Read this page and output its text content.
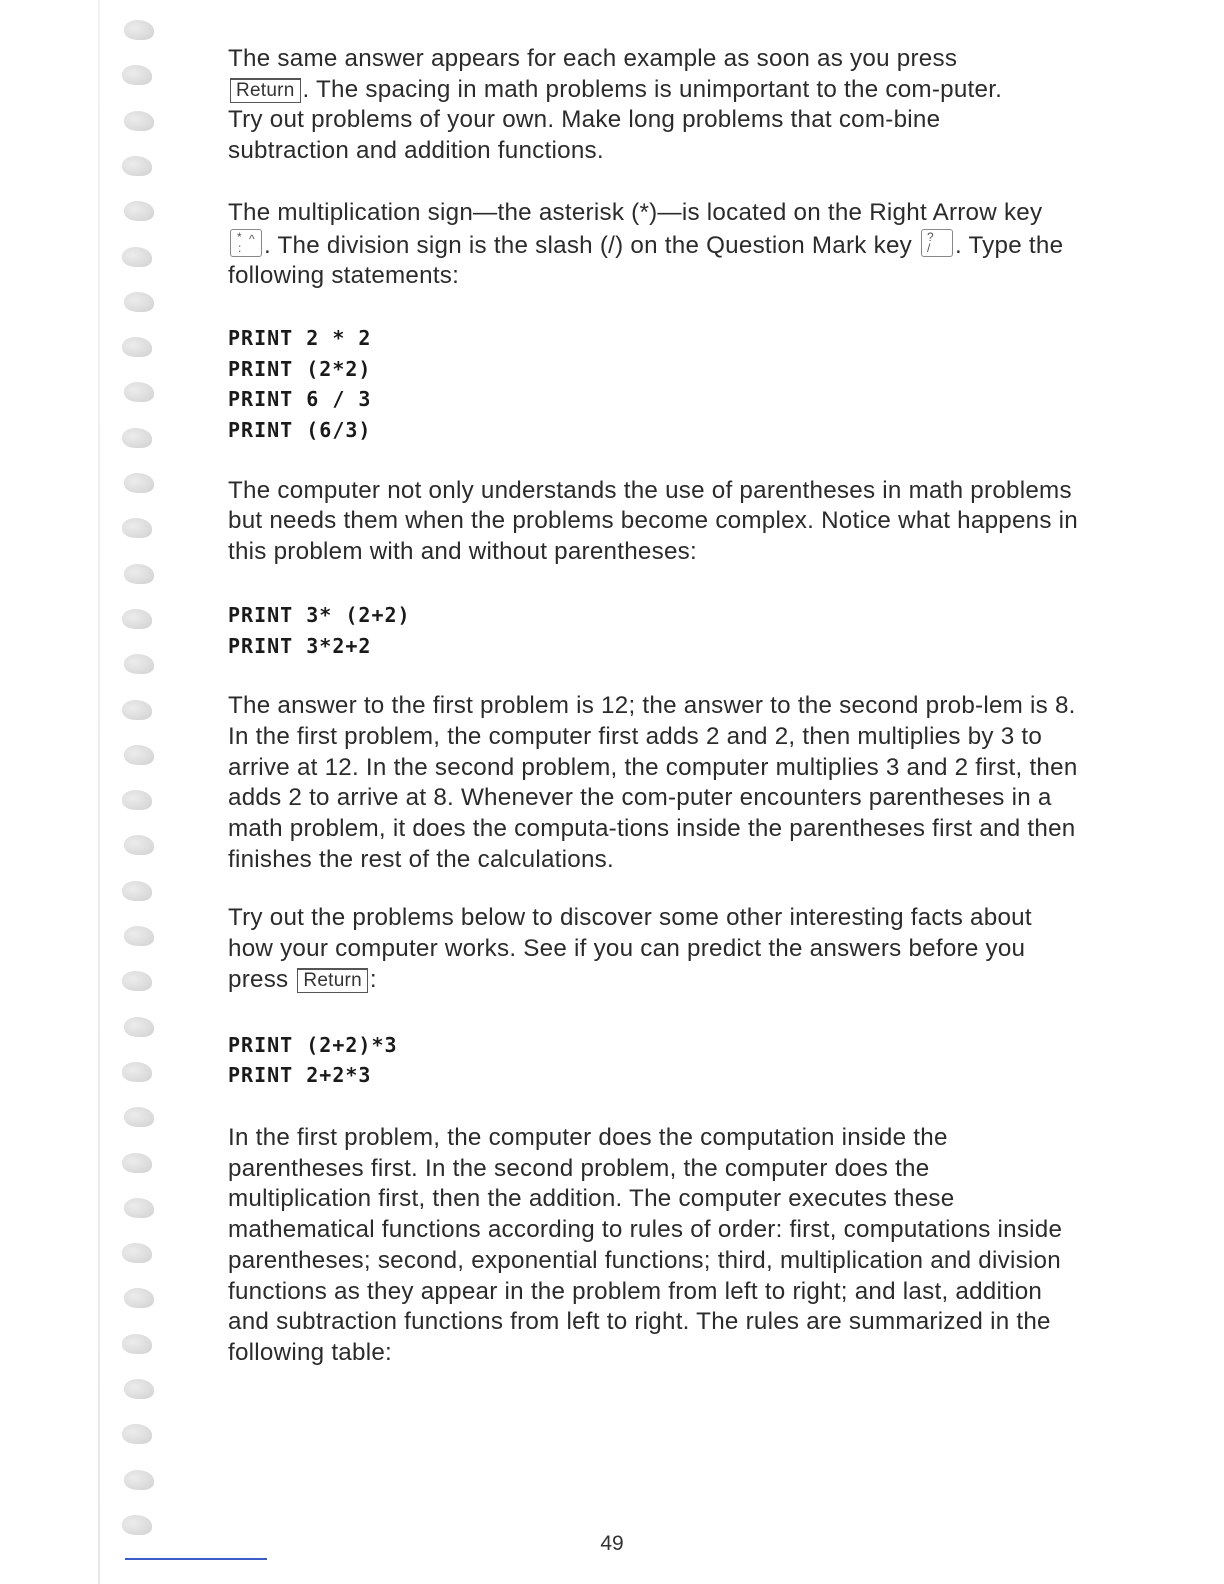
The same answer appears for each example as soon as you press Return . The spacing in math problems is unimportant to the com-puter. Try out problems of your own. Make long problems that com-bine subtraction and addition functions.

The multiplication sign—the asterisk (*)—is located on the Right Arrow key
*
:
^ . The division sign is the slash (/) on the Question Mark key ?
/ . Type the following statements:

PRINT 2 * 2
PRINT (2*2)
PRINT 6 / 3
PRINT (6/3)

The computer not only understands the use of parentheses in math problems but needs them when the problems become complex. Notice what happens in this problem with and without parentheses:

PRINT 3* (2+2)
PRINT 3*2+2

The answer to the first problem is 12; the answer to the second prob-lem is 8. In the first problem, the computer first adds 2 and 2, then multiplies by 3 to arrive at 12. In the second problem, the computer multiplies 3 and 2 first, then adds 2 to arrive at 8. Whenever the com-puter encounters parentheses in a math problem, it does the computa-tions inside the parentheses first and then finishes the rest of the calculations.

Try out the problems below to discover some other interesting facts about how your computer works. See if you can predict the answers before you press Return :

PRINT (2+2)*3
PRINT 2+2*3

In the first problem, the computer does the computation inside the parentheses first. In the second problem, the computer does the multiplication first, then the addition. The computer executes these mathematical functions according to rules of order: first, computations inside parentheses; second, exponential functions; third, multiplication and division functions as they appear in the problem from left to right; and last, addition and subtraction functions from left to right. The rules are summarized in the following table:

49
